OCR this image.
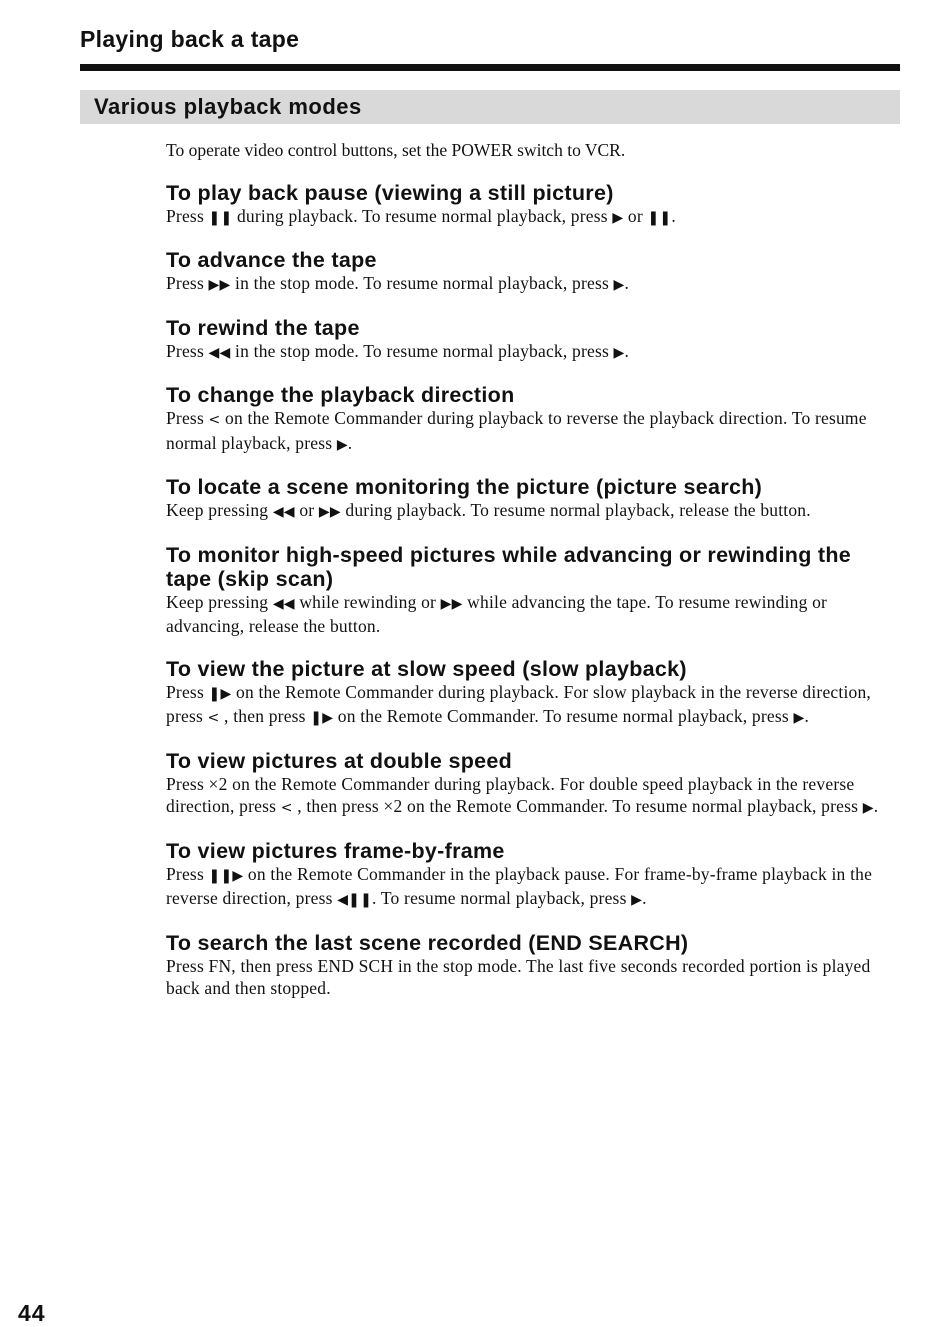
Playing back a tape
Various playback modes

To operate video control buttons, set the POWER switch to VCR.

To play back pause (viewing a still picture)

Press ❚❚ during playback. To resume normal playback, press ▶ or ❚❚.

To advance the tape

Press ▶▶ in the stop mode. To resume normal playback, press ▶.

To rewind the tape

Press ◀◀ in the stop mode. To resume normal playback, press ▶.

To change the playback direction

Press < on the Remote Commander during playback to reverse the playback direction. To resume normal playback, press ▶.

To locate a scene monitoring the picture (picture search)

Keep pressing ◀◀ or ▶▶ during playback. To resume normal playback, release the button.

To monitor high-speed pictures while advancing or rewinding the tape (skip scan)

Keep pressing ◀◀ while rewinding or ▶▶ while advancing the tape. To resume rewinding or advancing, release the button.

To view the picture at slow speed (slow playback)

Press ❚▶ on the Remote Commander during playback. For slow playback in the reverse direction, press < , then press ❚▶ on the Remote Commander. To resume normal playback, press ▶.

To view pictures at double speed

Press ×2 on the Remote Commander during playback. For double speed playback in the reverse direction, press < , then press ×2 on the Remote Commander. To resume normal playback, press ▶.

To view pictures frame-by-frame

Press ❚❚▶ on the Remote Commander in the playback pause. For frame-by-frame playback in the reverse direction, press ◀❚❚. To resume normal playback, press ▶.

To search the last scene recorded (END SEARCH)

Press FN, then press END SCH in the stop mode. The last five seconds recorded portion is played back and then stopped.

44
